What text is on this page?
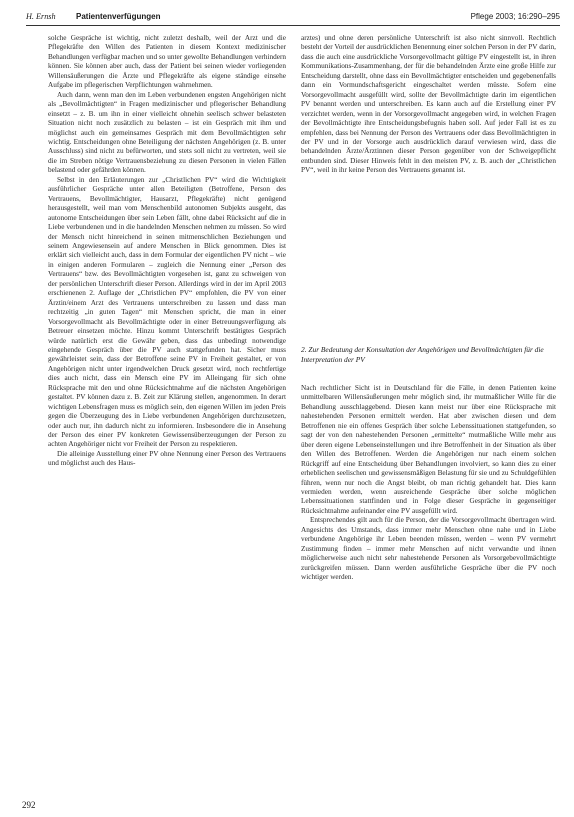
H. Ernsh	Patientenverfügungen	Pflege 2003; 16:290–295

solche Gespräche ist wichtig, nicht zuletzt deshalb, weil der Arzt und die Pflegekräfte den Willen des Patienten in diesem Kontext medizinischer Behandlungen verfügbar machen und so unter gewollte Behandlungen verhindern können. Sie können aber auch, dass der Patient bei seinen wieder vorliegenden Willensäußerungen die Ärzte und Pflegekräfte als eigene ständige einsehe Aufgabe im pflegerischen Verpflichtungen wahrnehmen.

Auch dann, wenn man den im Leben verbundenen engsten Angehörigen nicht als „Bevollmächtigten“ in Fragen medizinischer und pflegerischer Behandlung einsetzt – z. B. um ihn in einer vielleicht ohnehin seelisch schwer belasteten Situation nicht noch zusätzlich zu belasten – ist ein Gespräch mit ihm und möglichst auch ein gemeinsames Gespräch mit dem Bevollmächtigten sehr wichtig. Entscheidungen ohne Beteiligung der nächsten Angehörigen (z. B. unter Ausschluss) sind nicht zu befürworten, und stets soll nicht zu vertreten, weil sie die im Streben nötige Vertrauensbeziehung zu diesen Personen in vielen Fällen belastend oder gefährden können.

Selbst in den Erläuterungen zur „Christlichen PV“ wird die Wichtigkeit ausführlicher Gespräche unter allen Beteiligten (Betroffene, Person des Vertrauens, Bevollmächtigter, Hausarzt, Pflegekräfte) nicht genügend herausgestellt, weil man vom Menschenbild autonomen Subjekts ausgeht, das autonome Entscheidungen über sein Leben fällt, ohne dabei Rücksicht auf die in Liebe verbundenen und in die handelnden Menschen nehmen zu müssen. So wird der Mensch nicht hinreichend in seinen mitmenschlichen Beziehungen und seinem Angewiesensein auf andere Menschen in Blick genommen. Dies ist erklärt sich vielleicht auch, dass in dem Formular der eigentlichen PV nicht – wie in einigen anderen Formularen – zugleich die Nennung einer „Person des Vertrauens“ bzw. des Bevollmächtigten vorgesehen ist, ganz zu schweigen von der persönlichen Unterschrift dieser Person. Allerdings wird in der im April 2003 erschienenen 2. Auflage der „Christlichen PV“ empfohlen, die PV von einer Ärztin/einem Arzt des Vertrauens unterschreiben zu lassen und dass man rechtzeitig „in guten Tagen“ mit Menschen spricht, die man in einer Vorsorgevollmacht als Bevollmächtigte oder in einer Betreuungsverfügung als Betreuer einsetzen möchte. Hinzu kommt Unterschrift bestätigtes Gespräch würde natürlich erst die Gewähr geben, dass das unbedingt notwendige eingehende Gespräch über die PV auch stattgefunden hat. Sicher muss gewährleistet sein, dass der Betroffene seine PV in Freiheit gestaltet, er von Angehörigen nicht unter irgendwelchen Druck gesetzt wird, noch rechtfertige dies auch nicht, dass ein Mensch eine PV im Alleingang für sich ohne Rücksprache mit den und ohne Rücksichtnahme auf die nächsten Angehörigen gestaltet. PV können dazu z. B. Zeit zur Klärung stellen, angenommen. In derart wichtigen Lebensfragen muss es möglich sein, den eigenen Willen im jeden Preis gegen die Überzeugung des in Liebe verbundenen Angehörigen durchzusetzen, oder auch nur, ihn dadurch nicht zu informieren. Insbesondere die in Ansehung der Person des einer PV konkreten Gewissensüberzeugungen der Person zu achten Angehöriger nicht vor Freiheit der Person zu respektieren.

Die alleinige Ausstellung einer PV ohne Nennung einer Person des Vertrauens und möglichst auch des Haus-

arztes) und ohne deren persönliche Unterschrift ist also nicht sinnvoll. Rechtlich besteht der Vorteil der ausdrücklichen Benennung einer solchen Person in der PV darin, dass die auch eine ausdrückliche Vorsorgevollmacht gültige PV eingestellt ist, in ihren Kommunikations-Zusammenhang, der für die behandelnden Ärzte eine große Hilfe zur Entscheidung darstellt, ohne dass ein Bevollmächtigter entscheiden und gegebenenfalls dann ein Vormundschaftsgericht eingeschaltet werden müsste. Sofern eine Vorsorgevollmacht ausgefüllt wird, sollte der Bevollmächtigte darin im eigentlichen PV benannt werden und unterschreiben. Es kann auch auf die Erstellung einer PV verzichtet werden, wenn in der Vorsorgevollmacht angegeben wird, in welchen Fragen der Bevollmächtigte ihre Entscheidungsbefugnis haben soll. Auf jeder Fall ist es zu empfehlen, dass bei Nennung der Person des Vertrauens oder dass Bevollmächtigten in der PV und in der Vorsorge auch ausdrücklich darauf verwiesen wird, dass die behandelnden Ärzte/Ärztinnen dieser Person gegenüber von der Schweigepflicht entbunden sind. Dieser Hinweis fehlt in den meisten PV, z. B. auch der „Christlichen PV“, weil in ihr keine Person des Vertrauens genannt ist.

2. Zur Bedeutung der Konsultation der Angehörigen und Bevollmächtigten für die Interpretation der PV

Nach rechtlicher Sicht ist in Deutschland für die Fälle, in denen Patienten keine unmittelbaren Willensäußerungen mehr möglich sind, ihr mutmaßlicher Wille für die Behandlung ausschlaggebend. Diesen kann meist nur über eine Rücksprache mit nahestehenden Personen ermittelt werden. Hat aber zwischen diesen und dem Betroffenen nie ein offenes Gespräch über solche Lebenssituationen stattgefunden, so sagt der von den nahestehenden Personen „ermittelte“ mutmaßliche Wille mehr aus über deren eigene Lebenseinstellungen und ihre Betroffenheit in der Situation als über den Willen des Betroffenen. Werden die Angehörigen nur nach einem solchen Rückgriff auf eine Entscheidung über Behandlungen involviert, so kann dies zu einer erheblichen seelischen und gewissensmäßigen Belastung für sie und zu Schuldgefühlen führen, wenn nur noch die Angst bleibt, ob man richtig gehandelt hat. Dies kann vermieden werden, wenn ausreichende Gespräche über solche möglichen Lebenssituationen stattfinden und in Folge dieser Gespräche in gegenseitiger Rücksichtnahme aufeinander eine PV ausgefüllt wird.

Entsprechendes gilt auch für die Person, der die Vorsorgevollmacht übertragen wird. Angesichts des Umstands, dass immer mehr Menschen ohne nahe und in Liebe verbundene Angehörige ihr Leben beenden müssen, werden – wenn PV vermehrt Zustimmung finden – immer mehr Menschen auf nicht verwandte und ihnen möglicherweise auch nicht sehr nahestehende Personen als Vorsorgebevollmächtigte zurückgreifen müssen. Dann werden ausführliche Gespräche über die PV noch wichtiger werden.

292
